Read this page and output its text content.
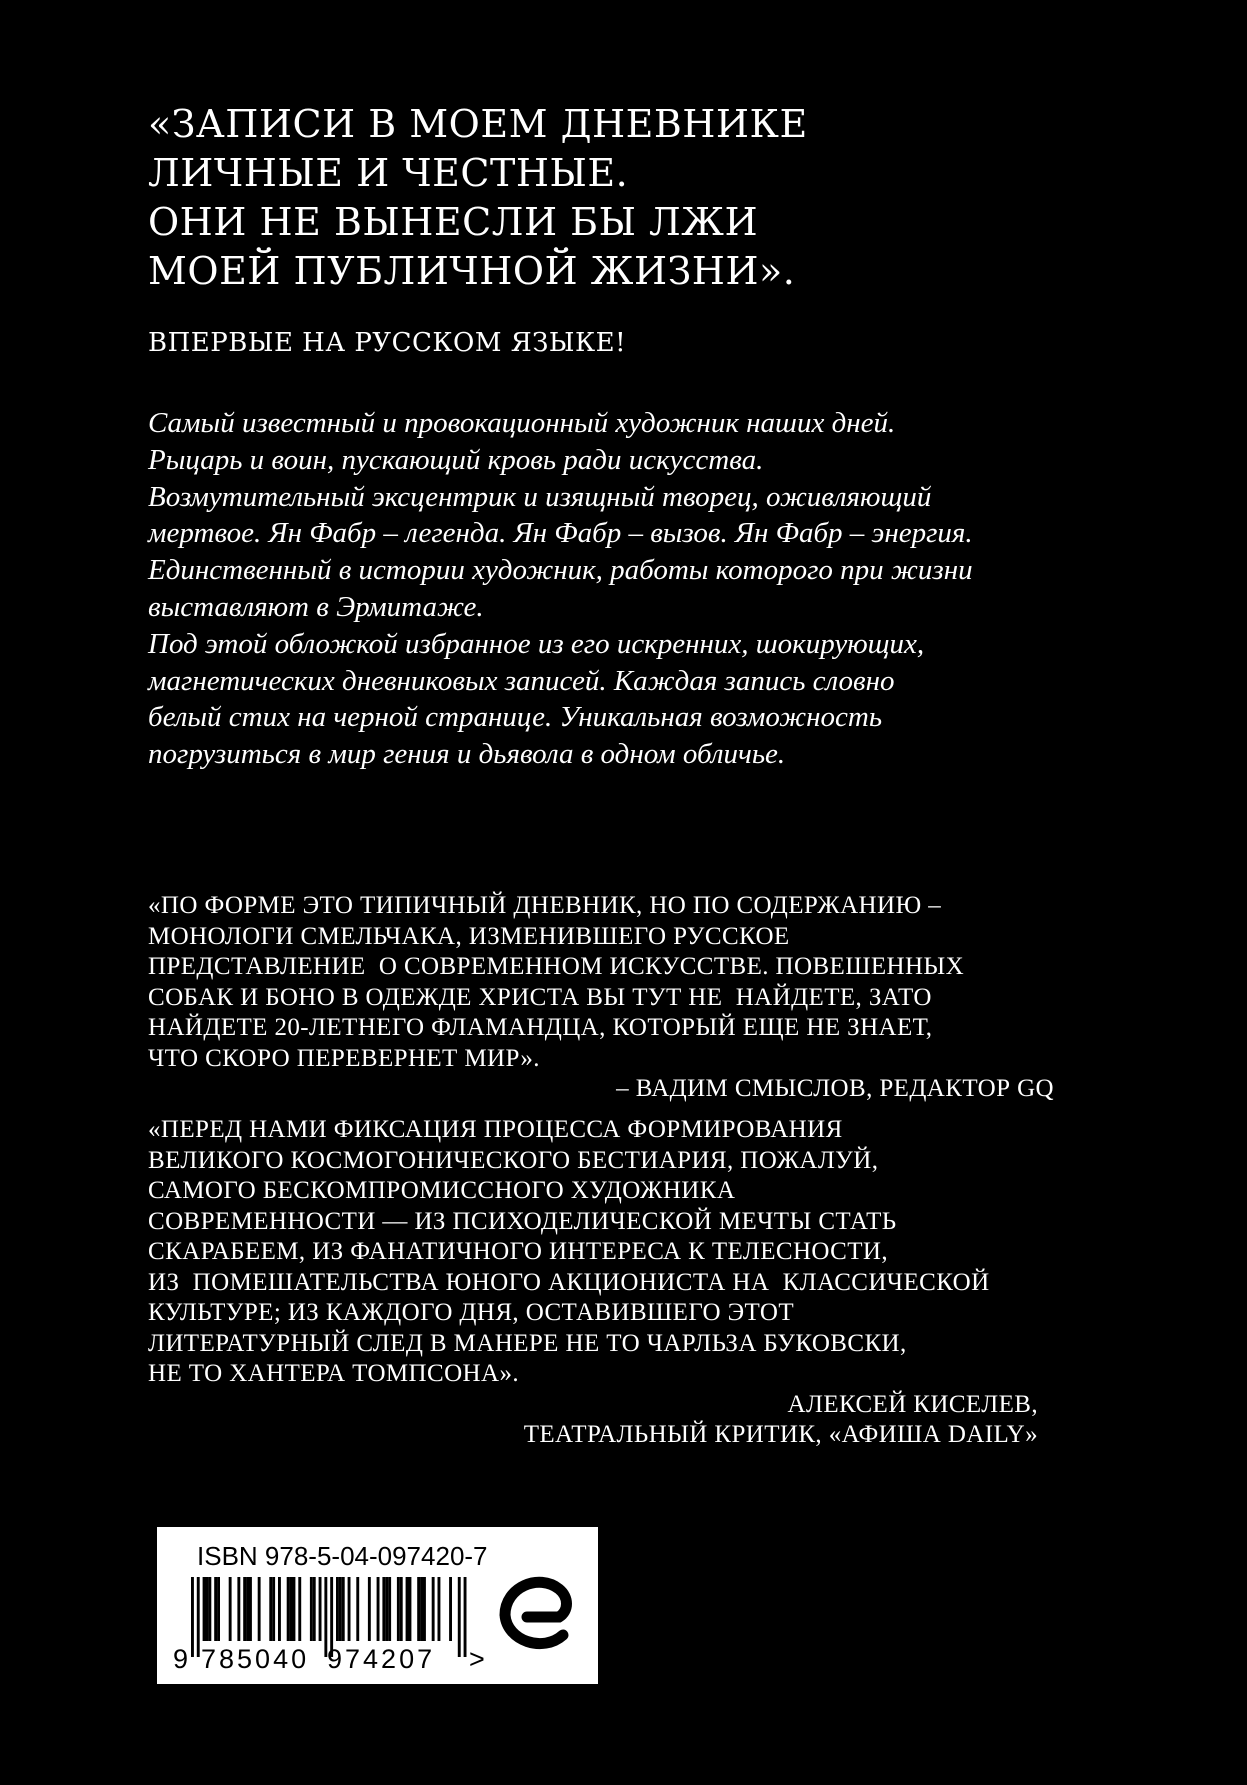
«ЗАПИСИ В МОЕМ ДНЕВНИКЕ
ЛИЧНЫЕ И ЧЕСТНЫЕ.
ОНИ НЕ ВЫНЕСЛИ БЫ ЛЖИ
МОЕЙ ПУБЛИЧНОЙ ЖИЗНИ».
ВПЕРВЫЕ НА РУССКОМ ЯЗЫКЕ!
Самый известный и провокационный художник наших дней.
Рыцарь и воин, пускающий кровь ради искусства.
Возмутительный эксцентрик и изящный творец, оживляющий
мертвое. Ян Фабр – легенда. Ян Фабр – вызов. Ян Фабр – энергия.
Единственный в истории художник, работы которого при жизни
выставляют в Эрмитаже.
Под этой обложкой избранное из его искренних, шокирующих,
магнетических дневниковых записей. Каждая запись словно
белый стих на черной странице. Уникальная возможность
погрузиться в мир гения и дьявола в одном обличье.
«ПО ФОРМЕ ЭТО ТИПИЧНЫЙ ДНЕВНИК, НО ПО СОДЕРЖАНИЮ –
МОНОЛОГИ СМЕЛЬЧАКА, ИЗМЕНИВШЕГО РУССКОЕ
ПРЕДСТАВЛЕНИЕ  О СОВРЕМЕННОМ ИСКУССТВЕ. ПОВЕШЕННЫХ
СОБАК И БОНО В ОДЕЖДЕ ХРИСТА ВЫ ТУТ НЕ  НАЙДЕТЕ, ЗАТО
НАЙДЕТЕ 20-ЛЕТНЕГО ФЛАМАНДЦА, КОТОРЫЙ ЕЩЕ НЕ ЗНАЕТ,
ЧТО СКОРО ПЕРЕВЕРНЕТ МИР».
– ВАДИМ СМЫСЛОВ, РЕДАКТОР GQ
«ПЕРЕД НАМИ ФИКСАЦИЯ ПРОЦЕССА ФОРМИРОВАНИЯ
ВЕЛИКОГО КОСМОГОНИЧЕСКОГО БЕСТИАРИЯ, ПОЖАЛУЙ,
САМОГО БЕСКОМПРОМИССНОГО ХУДОЖНИКА
СОВРЕМЕННОСТИ — ИЗ ПСИХОДЕЛИЧЕСКОЙ МЕЧТЫ СТАТЬ
СКАРАБЕЕМ, ИЗ ФАНАТИЧНОГО ИНТЕРЕСА К ТЕЛЕСНОСТИ,
ИЗ  ПОМЕШАТЕЛЬСТВА ЮНОГО АКЦИОНИСТА НА  КЛАССИЧЕСКОЙ
КУЛЬТУРЕ; ИЗ КАЖДОГО ДНЯ, ОСТАВИВШЕГО ЭТОТ
ЛИТЕРАТУРНЫЙ СЛЕД В МАНЕРЕ НЕ ТО ЧАРЛЬЗА БУКОВСКИ,
НЕ ТО ХАНТЕРА ТОМПСОНА».
АЛЕКСЕЙ КИСЕЛЕВ,
ТЕАТРАЛЬНЫЙ КРИТИК, «АФИША DAILY»
ISBN 978-5-04-097420-7
9 785040 974207 >
